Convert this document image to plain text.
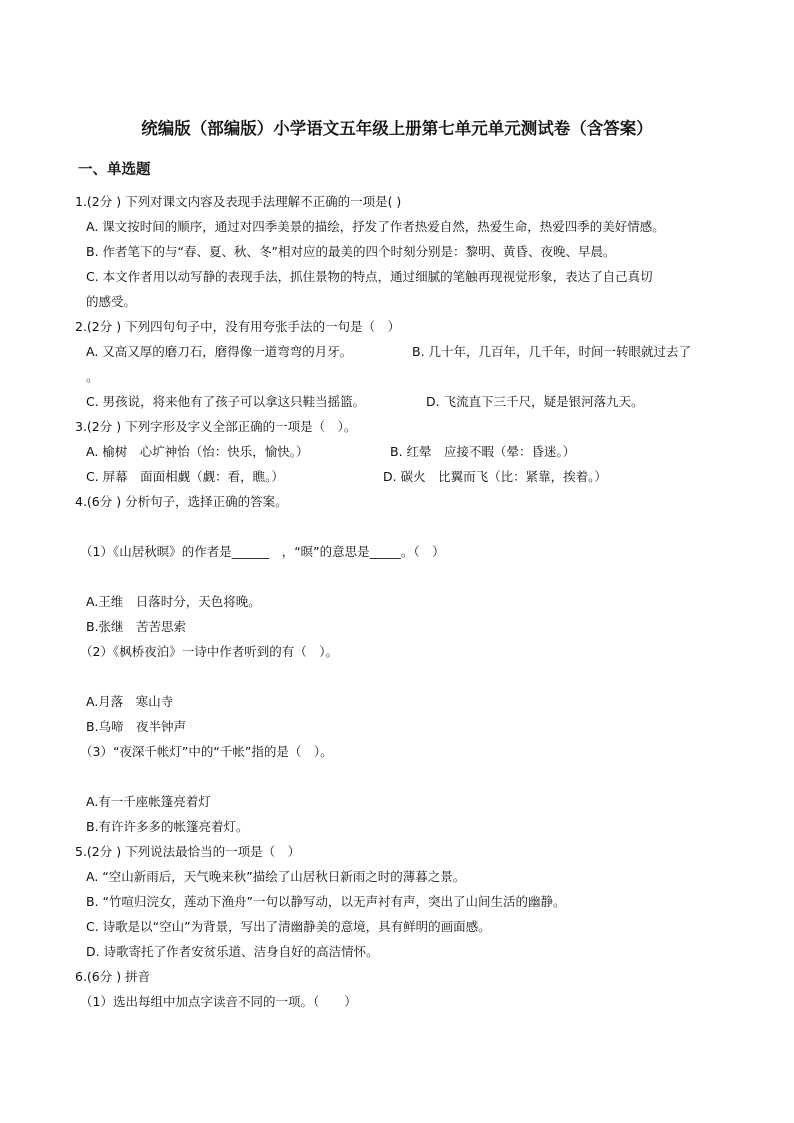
统编版（部编版）小学语文五年级上册第七单元单元测试卷（含答案）
一、单选题
1.(2分 ) 下列对课文内容及表现手法理解不正确的一项是( )
A. 课文按时间的顺序，通过对四季美景的描绘，抒发了作者热爱自然，热爱生命，热爱四季的美好情感。
B. 作者笔下的与“春、夏、秋、冬”相对应的最美的四个时刻分别是：黎明、黄昏、夜晚、早晨。
C. 本文作者用以动写静的表现手法，抓住景物的特点，通过细腻的笔触再现视觉形象，表达了自己真切
的感受。
2.(2分 ) 下列四句句子中，没有用夸张手法的一句是（　）
A. 又高又厚的磨刀石，磨得像一道弯弯的月牙。	B. 几十年，几百年，几千年，时间一转眼就过去了
。
C. 男孩说，将来他有了孩子可以拿这只鞋当摇篮。	D. 飞流直下三千尺，疑是银河落九天。
3.(2分 ) 下列字形及字义全部正确的一项是（　）。
A. 榆树　心圹神怡（怡：快乐，愉快。）	B. 红晕　应接不暇（晕：昏迷。）
C. 屏幕　面面相觑（觑：看，瞧。）	D. 碳火　比翼而飞（比：紧靠，挨着。）
4.(6分 ) 分析句子，选择正确的答案。
（1）《山居秋暝》的作者是______　，“暝”的意思是_____。（　）
A.王维　日落时分，天色将晚。
B.张继　苦苦思索
（2）《枫桥夜泊》一诗中作者听到的有（　）。
A.月落　寒山寺
B.乌啼　夜半钟声
（3）“夜深千帐灯”中的“千帐”指的是（　）。
A.有一千座帐篷亮着灯
B.有许许多多的帐篷亮着灯。
5.(2分 ) 下列说法最恰当的一项是（　）
A. “空山新雨后，天气晚来秋”描绘了山居秋日新雨之时的薄暮之景。
B. “竹喧归浣女，莲动下渔舟”一句以静写动，以无声衬有声，突出了山间生活的幽静。
C. 诗歌是以“空山”为背景，写出了清幽静美的意境，具有鲜明的画面感。
D. 诗歌寄托了作者安贫乐道、洁身自好的高洁情怀。
6.(6分 ) 拼音
（1）选出每组中加点字读音不同的一项。（　　）
